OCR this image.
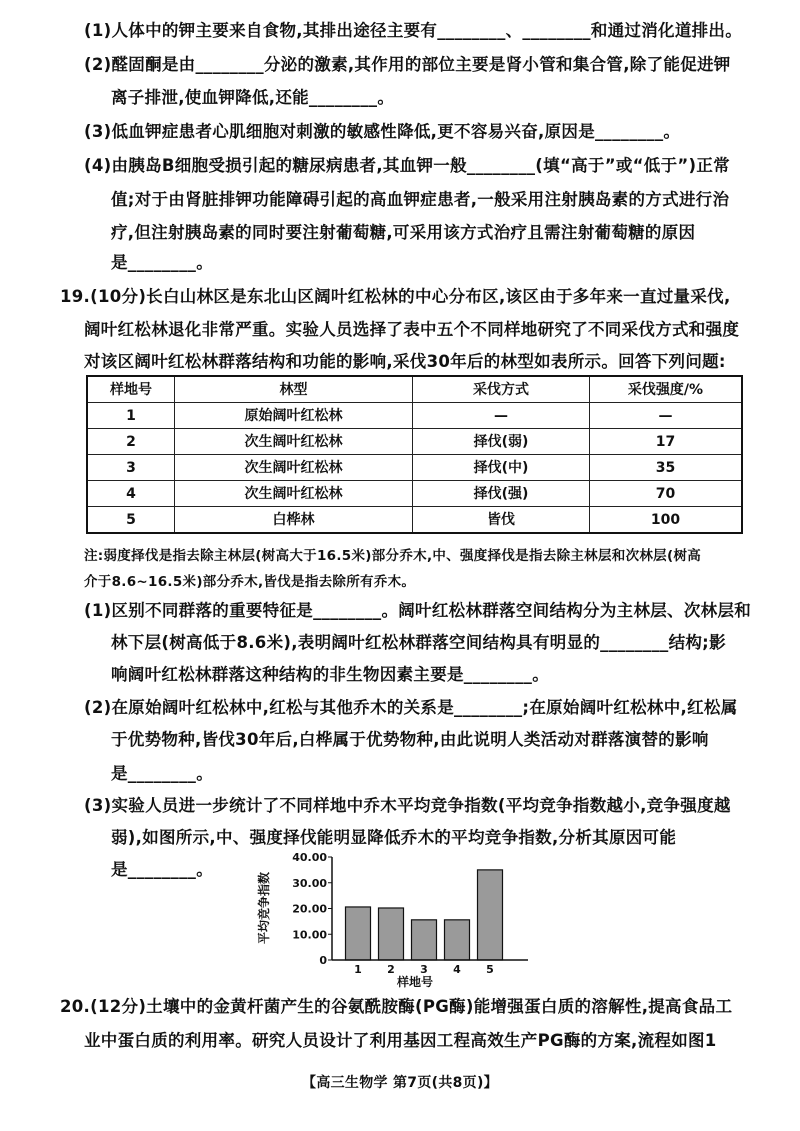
(1)人体中的钾主要来自食物,其排出途径主要有________、________和通过消化道排出。
(2)醛固酮是由________分泌的激素,其作用的部位主要是肾小管和集合管,除了能促进钾
离子排泄,使血钾降低,还能________。
(3)低血钾症患者心肌细胞对刺激的敏感性降低,更不容易兴奋,原因是________。
(4)由胰岛B细胞受损引起的糖尿病患者,其血钾一般________(填“高于”或“低于”)正常
值;对于由肾脏排钾功能障碍引起的高血钾症患者,一般采用注射胰岛素的方式进行治
疗,但注射胰岛素的同时要注射葡萄糖,可采用该方式治疗且需注射葡萄糖的原因
是________。
19.(10分)长白山林区是东北山区阔叶红松林的中心分布区,该区由于多年来一直过量采伐,
阔叶红松林退化非常严重。实验人员选择了表中五个不同样地研究了不同采伐方式和强度
对该区阔叶红松林群落结构和功能的影响,采伐30年后的林型如表所示。回答下列问题:
样地号	林型	采伐方式	采伐强度/%
1	原始阔叶红松林	—	—
2	次生阔叶红松林	择伐(弱)	17
3	次生阔叶红松林	择伐(中)	35
4	次生阔叶红松林	择伐(强)	70
5	白桦林	皆伐	100
注:弱度择伐是指去除主林层(树高大于16.5米)部分乔木,中、强度择伐是指去除主林层和次林层(树高
介于8.6~16.5米)部分乔木,皆伐是指去除所有乔木。
(1)区别不同群落的重要特征是________。阔叶红松林群落空间结构分为主林层、次林层和
林下层(树高低于8.6米),表明阔叶红松林群落空间结构具有明显的________结构;影
响阔叶红松林群落这种结构的非生物因素主要是________。
(2)在原始阔叶红松林中,红松与其他乔木的关系是________;在原始阔叶红松林中,红松属
于优势物种,皆伐30年后,白桦属于优势物种,由此说明人类活动对群落演替的影响
是________。
(3)实验人员进一步统计了不同样地中乔木平均竞争指数(平均竞争指数越小,竞争强度越
弱),如图所示,中、强度择伐能明显降低乔木的平均竞争指数,分析其原因可能
是________。
0
10.00
20.00
30.00
40.00
1 2 3 4 5
样地号
平均竞争指数
20.(12分)土壤中的金黄杆菌产生的谷氨酰胺酶(PG酶)能增强蛋白质的溶解性,提高食品工
业中蛋白质的利用率。研究人员设计了利用基因工程高效生产PG酶的方案,流程如图1
【高三生物学 第7页(共8页)】
